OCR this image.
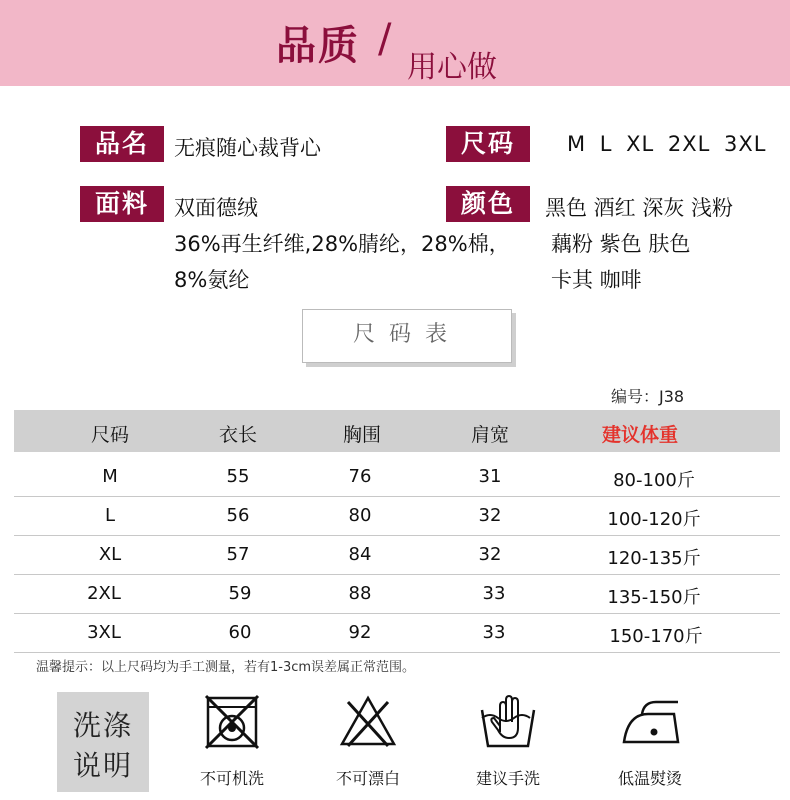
品质 /
用心做
品名	无痕随心裁背心	尺码	M L XL 2XL 3XL
面料	双面德绒
36%再生纤维,28%腈纶，28%棉，
8%氨纶
颜色	黑色 酒红 深灰 浅粉
藕粉 紫色 肤色
卡其 咖啡
尺码表
编号：J38
尺码	衣长	胸围	肩宽	建议体重
M	55	76	31	80-100斤
L	56	80	32	100-120斤
XL	57	84	32	120-135斤
2XL	59	88	33	135-150斤
3XL	60	92	33	150-170斤
温馨提示：以上尺码均为手工测量，若有1-3cm误差属正常范围。
洗涤
说明	不可机洗	不可漂白	建议手洗	低温熨烫
